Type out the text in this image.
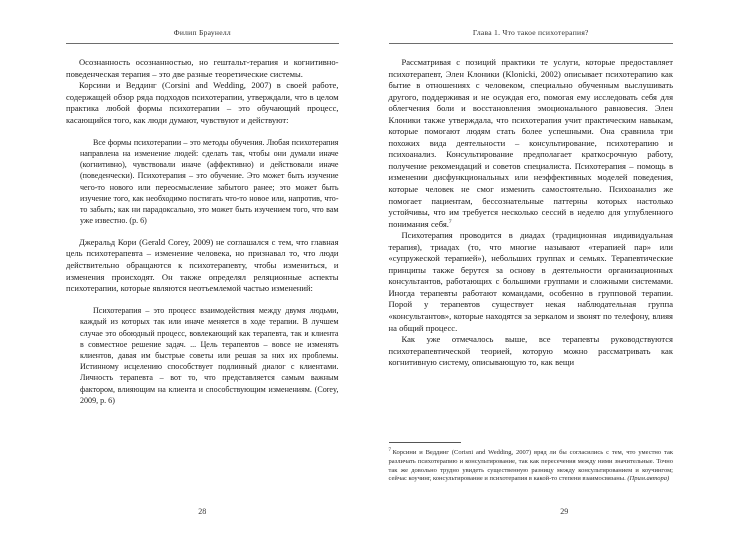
Филип Браунелл

Осознанность осознанностью, но гештальт-терапия и когнитивно-поведенческая терапия – это две разные теоретические системы.

Корсини и Веддинг (Corsini and Wedding, 2007) в своей работе, содержащей обзор ряда подходов психотерапии, утверждали, что в целом практика любой формы психотерапии – это обучающий процесс, касающийся того, как люди думают, чувствуют и действуют:

Все формы психотерапии – это методы обучения. Любая психотерапия направлена на изменение людей: сделать так, чтобы они думали иначе (когнитивно), чувствовали иначе (аффективно) и действовали иначе (поведенчески). Психотерапия – это обучение. Это может быть изучение чего-то нового или переосмысление забытого ранее; это может быть изучение того, как необходимо постигать что-то новое или, напротив, что-то забыть; как ни парадоксально, это может быть изучением того, что вам уже известно. (p. 6)

Джеральд Кори (Gerald Corey, 2009) не соглашался с тем, что главная цель психотерапевта – изменение человека, но признавал то, что люди действительно обращаются к психотерапевту, чтобы измениться, и изменения происходят. Он также определял реляционные аспекты психотерапии, которые являются неотъемлемой частью изменений:

Психотерапия – это процесс взаимодействия между двумя людьми, каждый из которых так или иначе меняется в ходе терапии. В лучшем случае это обоюдный процесс, вовлекающий как терапевта, так и клиента в совместное решение задач. ... Цель терапевтов – вовсе не изменять клиентов, давая им быстрые советы или решая за них их проблемы. Истинному исцелению способствует подлинный диалог с клиентами. Личность терапевта – вот то, что представляется самым важным фактором, влияющим на клиента и способствующим изменениям. (Corey, 2009, p. 6)
28
Глава 1. Что такое психотерапия?

Рассматривая с позиций практики те услуги, которые предоставляет психотерапевт, Элен Клоники (Klonicki, 2002) описывает психотерапию как бытие в отношениях с человеком, специально обученным выслушивать другого, поддерживая и не осуждая его, помогая ему исследовать себя для облегчения боли и восстановления эмоционального равновесия. Элен Клоники также утверждала, что психотерапия учит практическим навыкам, которые помогают людям стать более успешными. Она сравнила три похожих вида деятельности – консультирование, психотерапию и психоанализ. Консультирование предполагает краткосрочную работу, получение рекомендаций и советов специалиста. Психотерапия – помощь в изменении дисфункциональных или неэффективных моделей поведения, которые человек не смог изменить самостоятельно. Психоанализ же помогает пациентам, бессознательные паттерны которых настолько устойчивы, что им требуется несколько сессий в неделю для углубленного понимания себя.$^7$

Психотерапия проводится в диадах (традиционная индивидуальная терапия), триадах (то, что многие называют «терапией пар» или «супружеской терапией»), небольших группах и семьях. Терапевтические принципы также берутся за основу в деятельности организационных консультантов, работающих с большими группами и сложными системами. Иногда терапевты работают командами, особенно в групповой терапии. Порой у терапевтов существует некая наблюдательная группа «консультантов», которые находятся за зеркалом и звонят по телефону, влияя на общий процесс.

Как уже отмечалось выше, все терапевты руководствуются психотерапевтической теорией, которую можно рассматривать как когнитивную систему, описывающую то, как вещи

$^7$ Корсини и Веддинг (Corisni and Wedding, 2007) вряд ли бы согласились с тем, что уместно так различать психотерапию и консультирование, так как пересечения между ними значительные. Точно так же довольно трудно увидеть существенную разницу между консультированием и коучингом; сейчас коучинг, консультирование и психотерапия в какой-то степени взаимосвязаны. (Прим.автора)
29
